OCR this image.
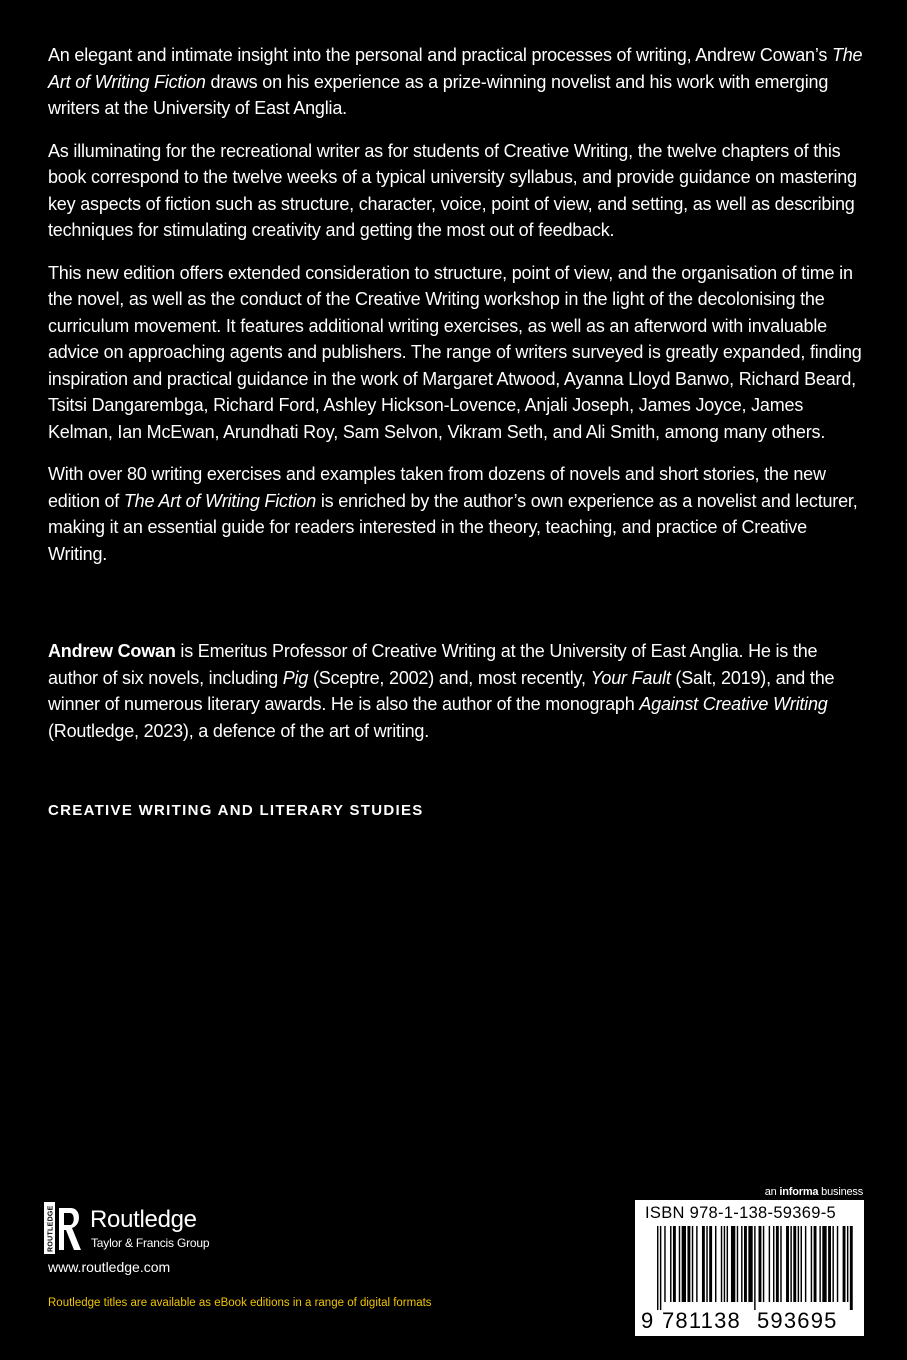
An elegant and intimate insight into the personal and practical processes of writing, Andrew Cowan’s The Art of Writing Fiction draws on his experience as a prize-winning novelist and his work with emerging writers at the University of East Anglia.

As illuminating for the recreational writer as for students of Creative Writing, the twelve chapters of this book correspond to the twelve weeks of a typical university syllabus, and provide guidance on mastering key aspects of fiction such as structure, character, voice, point of view, and setting, as well as describing techniques for stimulating creativity and getting the most out of feedback.

This new edition offers extended consideration to structure, point of view, and the organisation of time in the novel, as well as the conduct of the Creative Writing workshop in the light of the decolonising the curriculum movement. It features additional writing exercises, as well as an afterword with invaluable advice on approaching agents and publishers. The range of writers surveyed is greatly expanded, finding inspiration and practical guidance in the work of Margaret Atwood, Ayanna Lloyd Banwo, Richard Beard, Tsitsi Dangarembga, Richard Ford, Ashley Hickson-Lovence, Anjali Joseph, James Joyce, James Kelman, Ian McEwan, Arundhati Roy, Sam Selvon, Vikram Seth, and Ali Smith, among many others.

With over 80 writing exercises and examples taken from dozens of novels and short stories, the new edition of The Art of Writing Fiction is enriched by the author’s own experience as a novelist and lecturer, making it an essential guide for readers interested in the theory, teaching, and practice of Creative Writing.

Andrew Cowan is Emeritus Professor of Creative Writing at the University of East Anglia. He is the author of six novels, including Pig (Sceptre, 2002) and, most recently, Your Fault (Salt, 2019), and the winner of numerous literary awards. He is also the author of the monograph Against Creative Writing (Routledge, 2023), a defence of the art of writing.

CREATIVE WRITING AND LITERARY STUDIES
ROUTLEDGE Routledge
Taylor & Francis Group
www.routledge.com
Routledge titles are available as eBook editions in a range of digital formats
an informa business
ISBN 978-1-138-59369-5
9 781138 593695
